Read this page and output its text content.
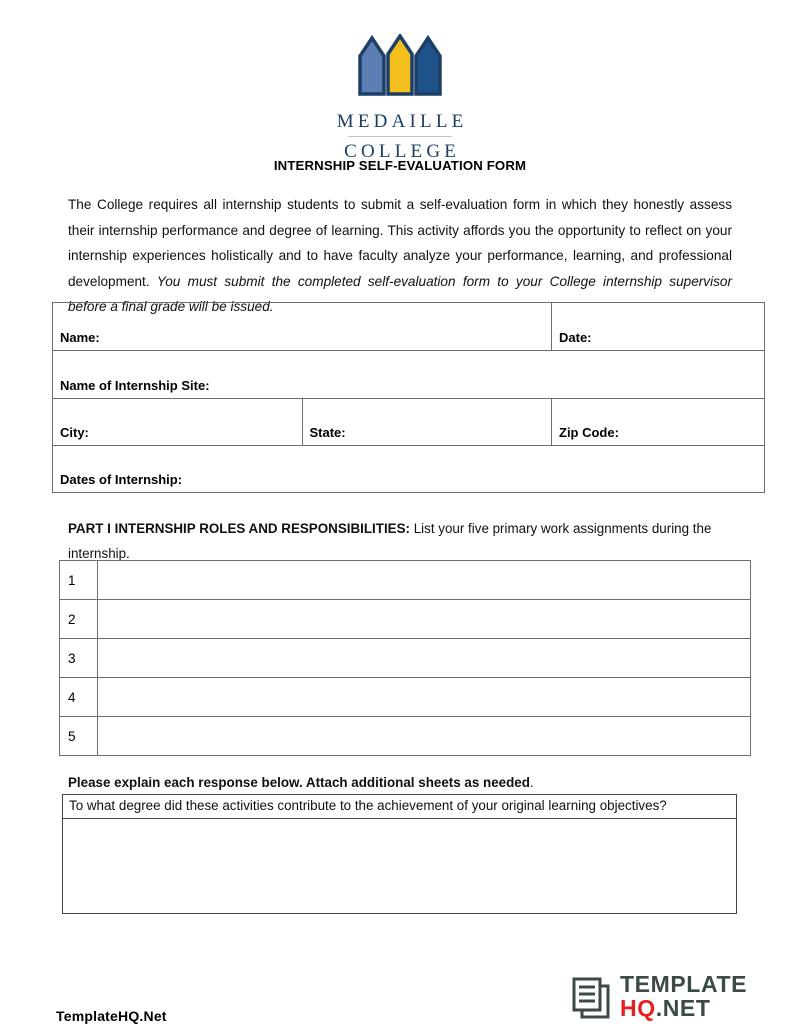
MEDAILLE
COLLEGE
INTERNSHIP SELF-EVALUATION FORM
The College requires all internship students to submit a self-evaluation form in which they honestly assess their internship performance and degree of learning. This activity affords you the opportunity to reflect on your internship experiences holistically and to have faculty analyze your performance, learning, and professional development. You must submit the completed self-evaluation form to your College internship supervisor before a final grade will be issued.
Name:		Date:
Name of Internship Site:		
City:	State:	Zip Code:
Dates of Internship:		
PART I INTERNSHIP ROLES AND RESPONSIBILITIES: List your five primary work assignments during the internship.
1	
2	
3	
4	
5	
Please explain each response below. Attach additional sheets as needed.
To what degree did these activities contribute to the achievement of your original learning objectives?
TemplateHQ.Net
TEMPLATE
HQ.NET
